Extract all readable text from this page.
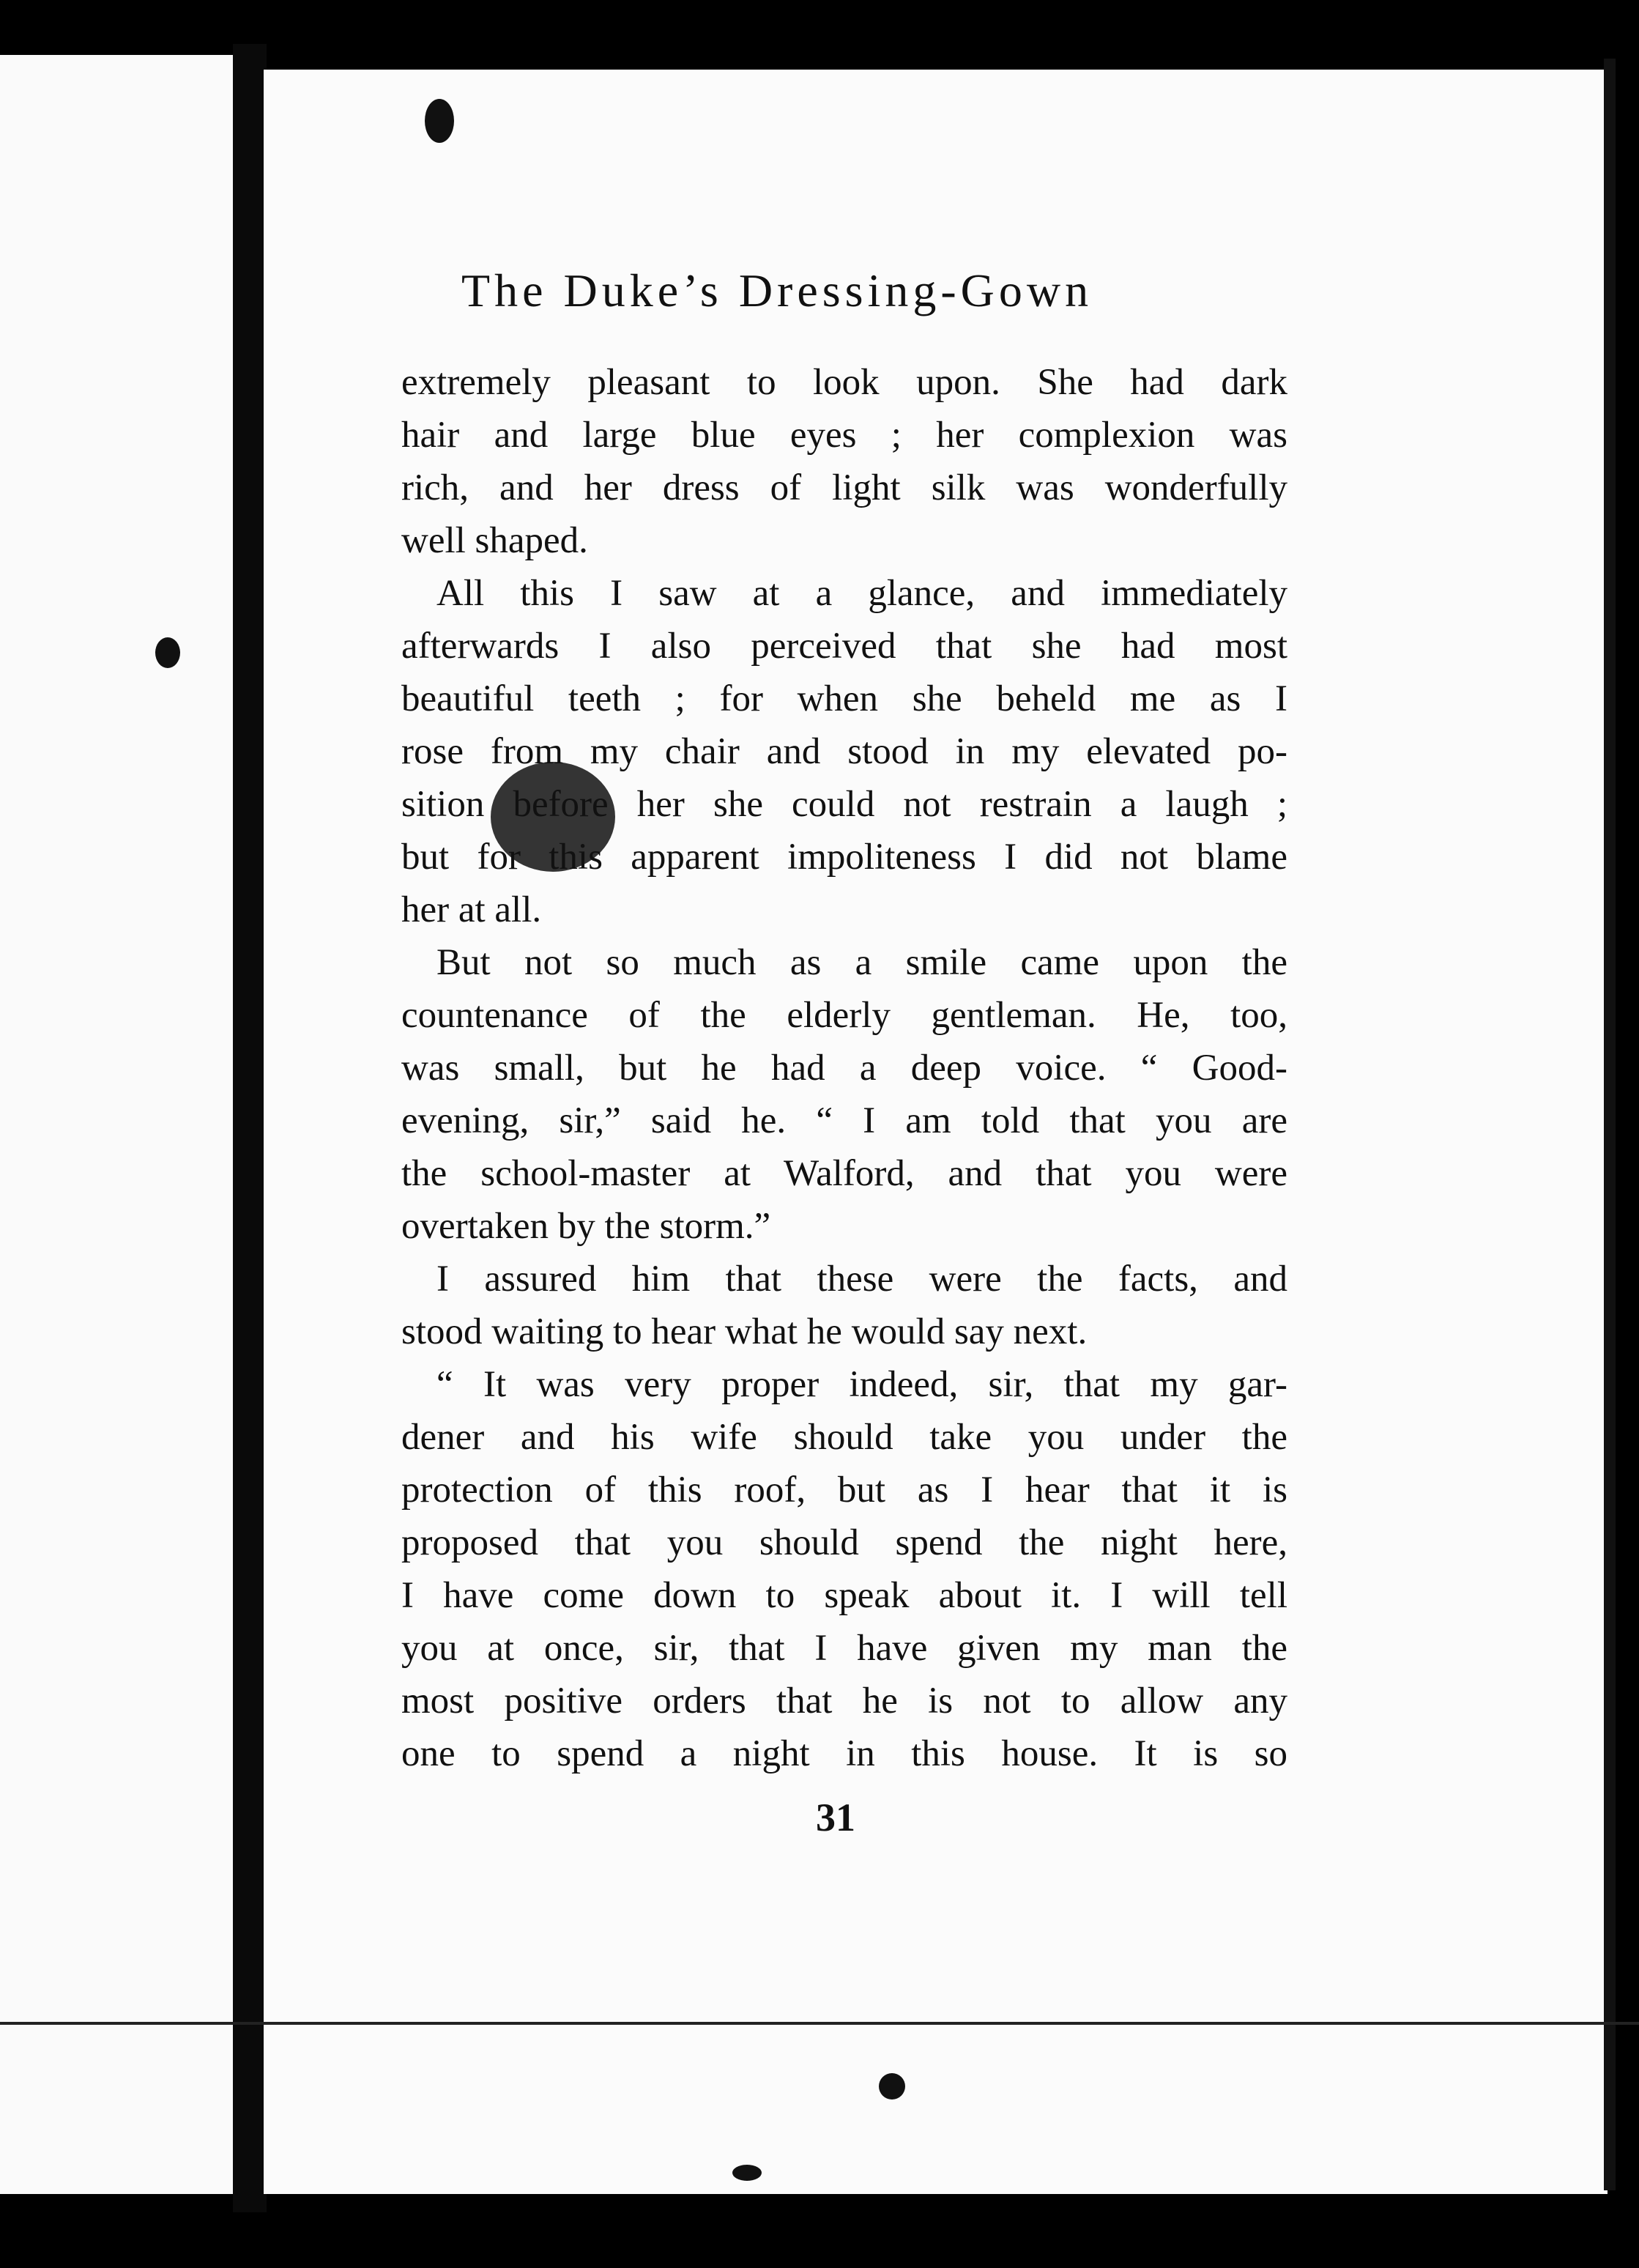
The Duke’s Dressing-Gown
extremely pleasant to look upon. She had dark
hair and large blue eyes ; her complexion was
rich, and her dress of light silk was wonderfully
well shaped.
All this I saw at a glance, and immediately
afterwards I also perceived that she had most
beautiful teeth ; for when she beheld me as I
rose from my chair and stood in my elevated po-
sition before her she could not restrain a laugh ;
but for this apparent impoliteness I did not blame
her at all.
But not so much as a smile came upon the
countenance of the elderly gentleman. He, too,
was small, but he had a deep voice. “ Good-
evening, sir,” said he. “ I am told that you are
the school-master at Walford, and that you were
overtaken by the storm.”
I assured him that these were the facts, and
stood waiting to hear what he would say next.
“ It was very proper indeed, sir, that my gar-
dener and his wife should take you under the
protection of this roof, but as I hear that it is
proposed that you should spend the night here,
I have come down to speak about it. I will tell
you at once, sir, that I have given my man the
most positive orders that he is not to allow any
one to spend a night in this house. It is so
31
